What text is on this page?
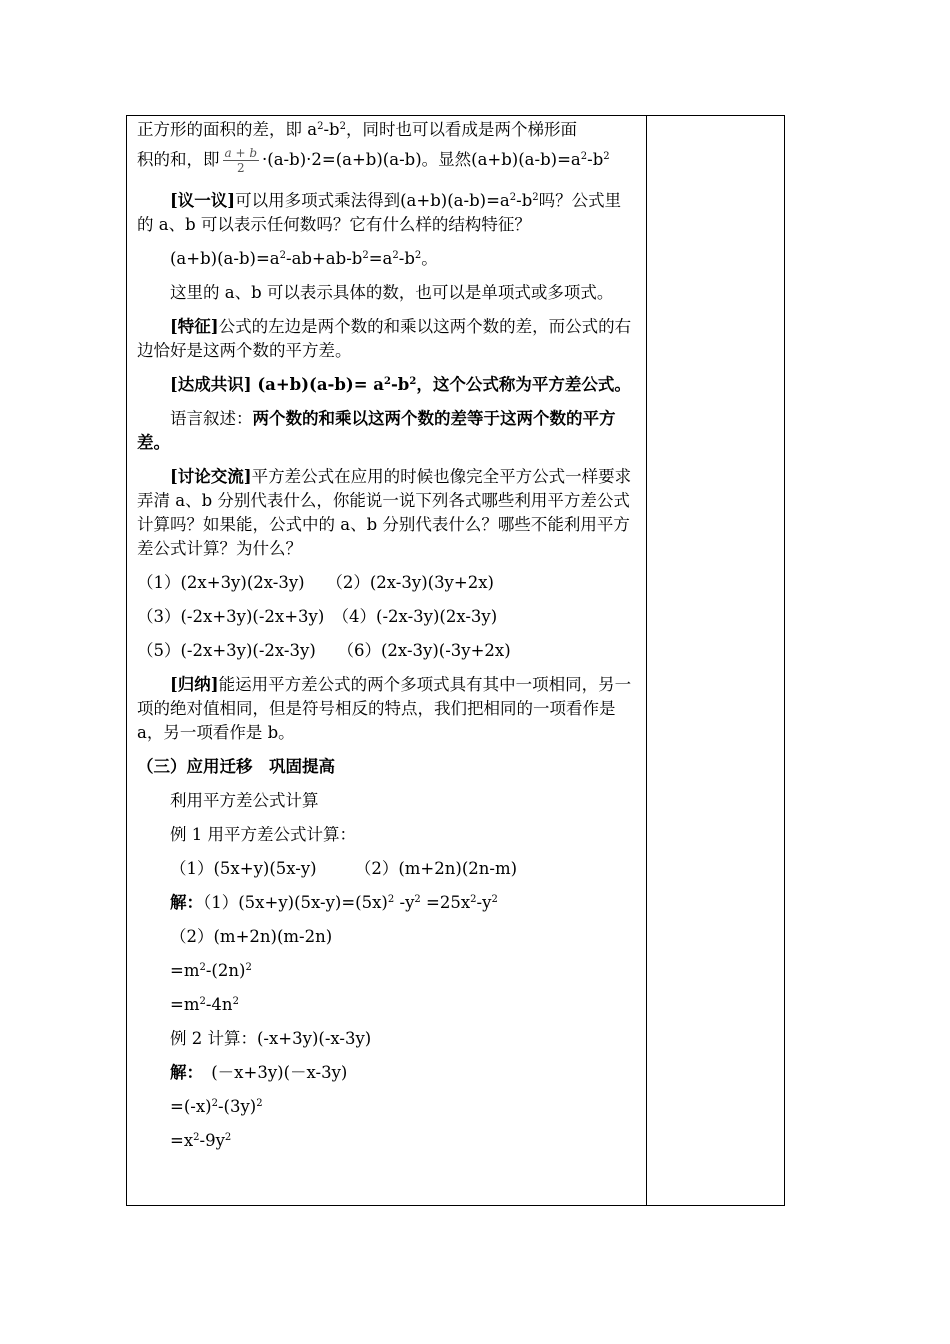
正方形的面积的差，即 $a^2-b^2$，同时也可以看成是两个梯形面

积的和，即 $\frac{a + b}{2} \cdot(a-b)\cdot 2=(a+b)(a-b)$。显然$(a+b)(a-b)=a^2-b^2$

[议一议]可以用多项式乘法得到$(a+b)(a-b)=a^2-b^2$吗？公式里的 a、b 可以表示任何数吗？它有什么样的结构特征？

$(a+b)(a-b)=a^2-ab+ab-b^2=a^2-b^2$。

这里的 a、b 可以表示具体的数，也可以是单项式或多项式。

[特征]公式的左边是两个数的和乘以这两个数的差，而公式的右边恰好是这两个数的平方差。

[达成共识] $(a+b)(a-b)= a^2-b^2$，这个公式称为平方差公式。

语言叙述：两个数的和乘以这两个数的差等于这两个数的平方差。

[讨论交流]平方差公式在应用的时候也像完全平方公式一样要求弄清 a、b 分别代表什么，你能说一说下列各式哪些利用平方差公式计算吗？如果能，公式中的 a、b 分别代表什么？哪些不能利用平方差公式计算？为什么？

（1）(2x+3y)(2x-3y)　 （2）(2x-3y)(3y+2x)

（3）(-2x+3y)(-2x+3y)　（4）(-2x-3y)(2x-3y)

（5）(-2x+3y)(-2x-3y)　 （6）(2x-3y)(-3y+2x)

[归纳]能运用平方差公式的两个多项式具有其中一项相同，另一项的绝对值相同，但是符号相反的特点，我们把相同的一项看作是 a，另一项看作是 b。

（三）应用迁移　巩固提高

利用平方差公式计算

例 1 用平方差公式计算：

（1）(5x+y)(5x-y)　　 （2）(m+2n)(2n-m)

解：$(1)(5x+y)(5x-y)=(5x)^2$ $-y^2 =25x^2-y^2$

（2）(m+2n)(m-2n)

$=m^2-(2n)^2$

$=m^2-4n^2$

例 2 计算：(-x+3y)(-x-3y)

解：　(－x+3y)(－x-3y)

$=(-x)^2-(3y)^2$

$=x^2-9y^2$
